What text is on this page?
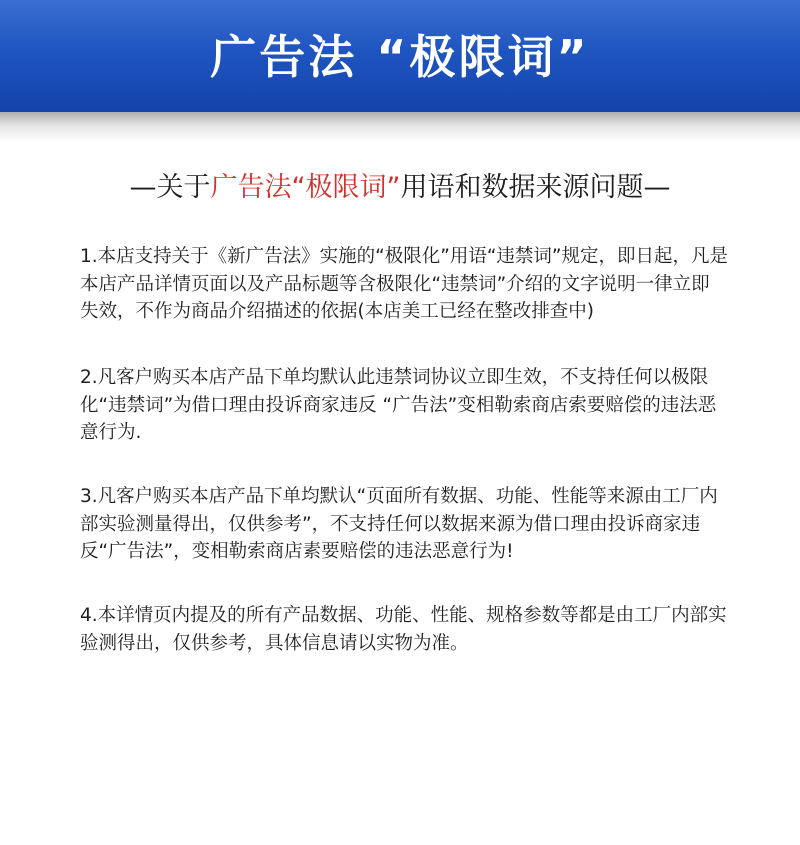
广告法 “极限词”
—关于广告法“极限词”用语和数据来源问题—

1.本店支持关于《新广告法》实施的“极限化”用语“违禁词”规定，即日起，凡是本店产品详情页面以及产品标题等含极限化“违禁词”介绍的文字说明一律立即失效，不作为商品介绍描述的依据(本店美工已经在整改排查中)

2.凡客户购买本店产品下单均默认此违禁词协议立即生效，不支持任何以极限化“违禁词”为借口理由投诉商家违反 “广告法”变相勒索商店索要赔偿的违法恶意行为.

3.凡客户购买本店产品下单均默认“页面所有数据、功能、性能等来源由工厂内部实验测量得出，仅供参考”，不支持任何以数据来源为借口理由投诉商家违反“广告法”，变相勒索商店素要赔偿的违法恶意行为!

4.本详情页内提及的所有产品数据、功能、性能、规格参数等都是由工厂内部实验测得出，仅供参考，具体信息请以实物为准。
